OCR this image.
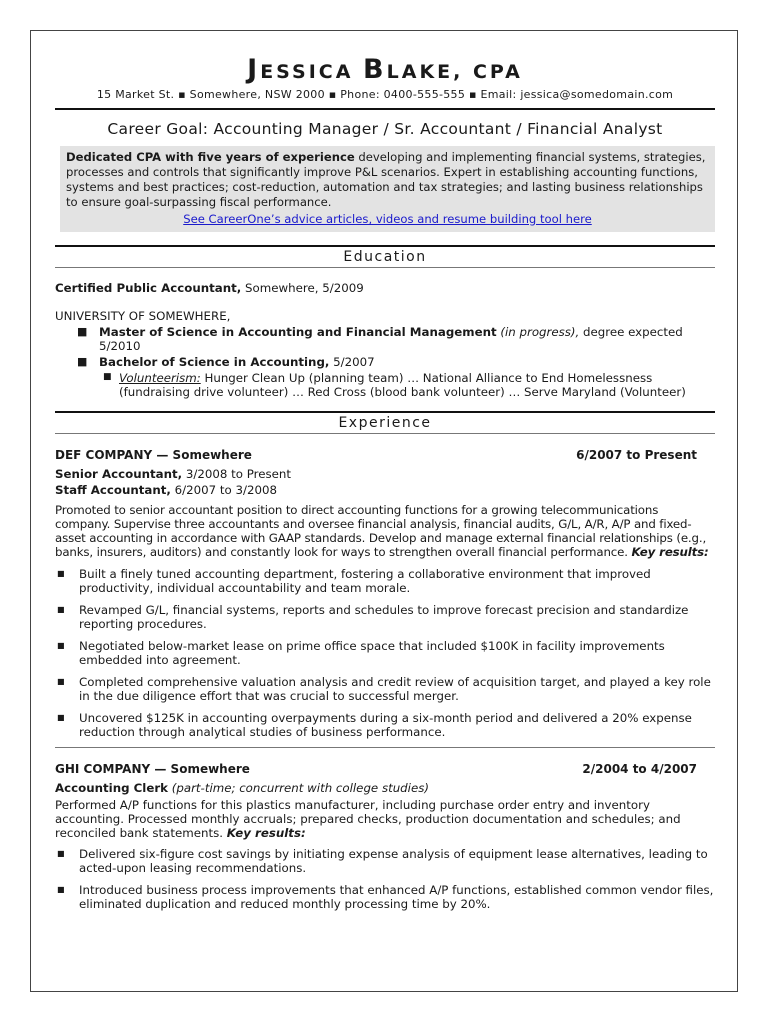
JESSICA BLAKE, CPA
15 Market St. ▪ Somewhere, NSW 2000 ▪ Phone: 0400-555-555 ▪ Email: jessica@somedomain.com
Career Goal: Accounting Manager / Sr. Accountant / Financial Analyst
Dedicated CPA with five years of experience developing and implementing financial systems, strategies, processes and controls that significantly improve P&L scenarios. Expert in establishing accounting functions, systems and best practices; cost-reduction, automation and tax strategies; and lasting business relationships to ensure goal-surpassing fiscal performance.
See CareerOne’s advice articles, videos and resume building tool here
Education
Certified Public Accountant, Somewhere, 5/2009
UNIVERSITY OF SOMEWHERE,
■ Master of Science in Accounting and Financial Management (in progress), degree expected 5/2010
■ Bachelor of Science in Accounting, 5/2007
■ Volunteerism: Hunger Clean Up (planning team) … National Alliance to End Homelessness (fundraising drive volunteer) … Red Cross (blood bank volunteer) … Serve Maryland (Volunteer)
Experience
DEF COMPANY — Somewhere	6/2007 to Present
Senior Accountant, 3/2008 to Present
Staff Accountant, 6/2007 to 3/2008
Promoted to senior accountant position to direct accounting functions for a growing telecommunications company. Supervise three accountants and oversee financial analysis, financial audits, G/L, A/R, A/P and fixed-asset accounting in accordance with GAAP standards. Develop and manage external financial relationships (e.g., banks, insurers, auditors) and constantly look for ways to strengthen overall financial performance. Key results:
■ Built a finely tuned accounting department, fostering a collaborative environment that improved productivity, individual accountability and team morale.
■ Revamped G/L, financial systems, reports and schedules to improve forecast precision and standardize reporting procedures.
■ Negotiated below-market lease on prime office space that included $100K in facility improvements embedded into agreement.
■ Completed comprehensive valuation analysis and credit review of acquisition target, and played a key role in the due diligence effort that was crucial to successful merger.
■ Uncovered $125K in accounting overpayments during a six-month period and delivered a 20% expense reduction through analytical studies of business performance.
GHI COMPANY — Somewhere	2/2004 to 4/2007
Accounting Clerk (part-time; concurrent with college studies)
Performed A/P functions for this plastics manufacturer, including purchase order entry and inventory accounting. Processed monthly accruals; prepared checks, production documentation and schedules; and reconciled bank statements. Key results:
■ Delivered six-figure cost savings by initiating expense analysis of equipment lease alternatives, leading to acted-upon leasing recommendations.
■ Introduced business process improvements that enhanced A/P functions, established common vendor files, eliminated duplication and reduced monthly processing time by 20%.
